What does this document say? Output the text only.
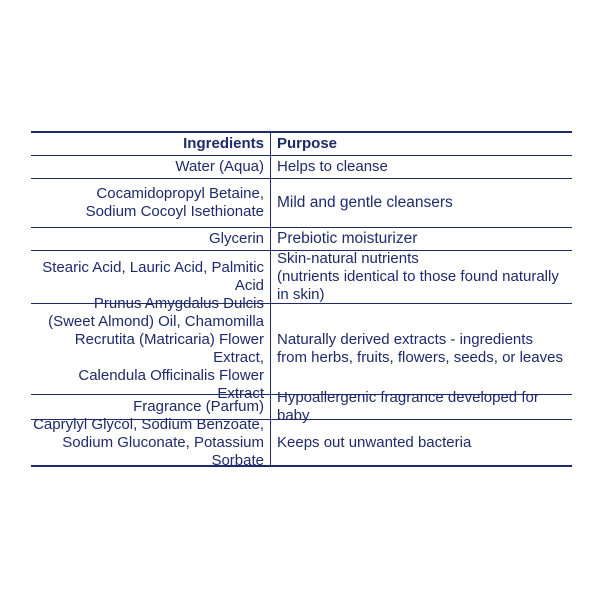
Ingredients Purpose
Water (Aqua) Helps to cleanse
Cocamidopropyl Betaine,
Sodium Cocoyl Isethionate
Mild and gentle cleansers
Glycerin Prebiotic moisturizer
Stearic Acid, Lauric Acid, Palmitic Acid
Skin-natural nutrients
(nutrients identical to those found naturally in skin)
Prunus Amygdalus Dulcis
(Sweet Almond) Oil, Chamomilla
Recrutita (Matricaria) Flower Extract,
Calendula Officinalis Flower Extract
Naturally derived extracts - ingredients
from herbs, fruits, flowers, seeds, or leaves
Fragrance (Parfum)
Hypoallergenic fragrance developed for baby
Caprylyl Glycol, Sodium Benzoate,
Sodium Gluconate, Potassium Sorbate
Keeps out unwanted bacteria
